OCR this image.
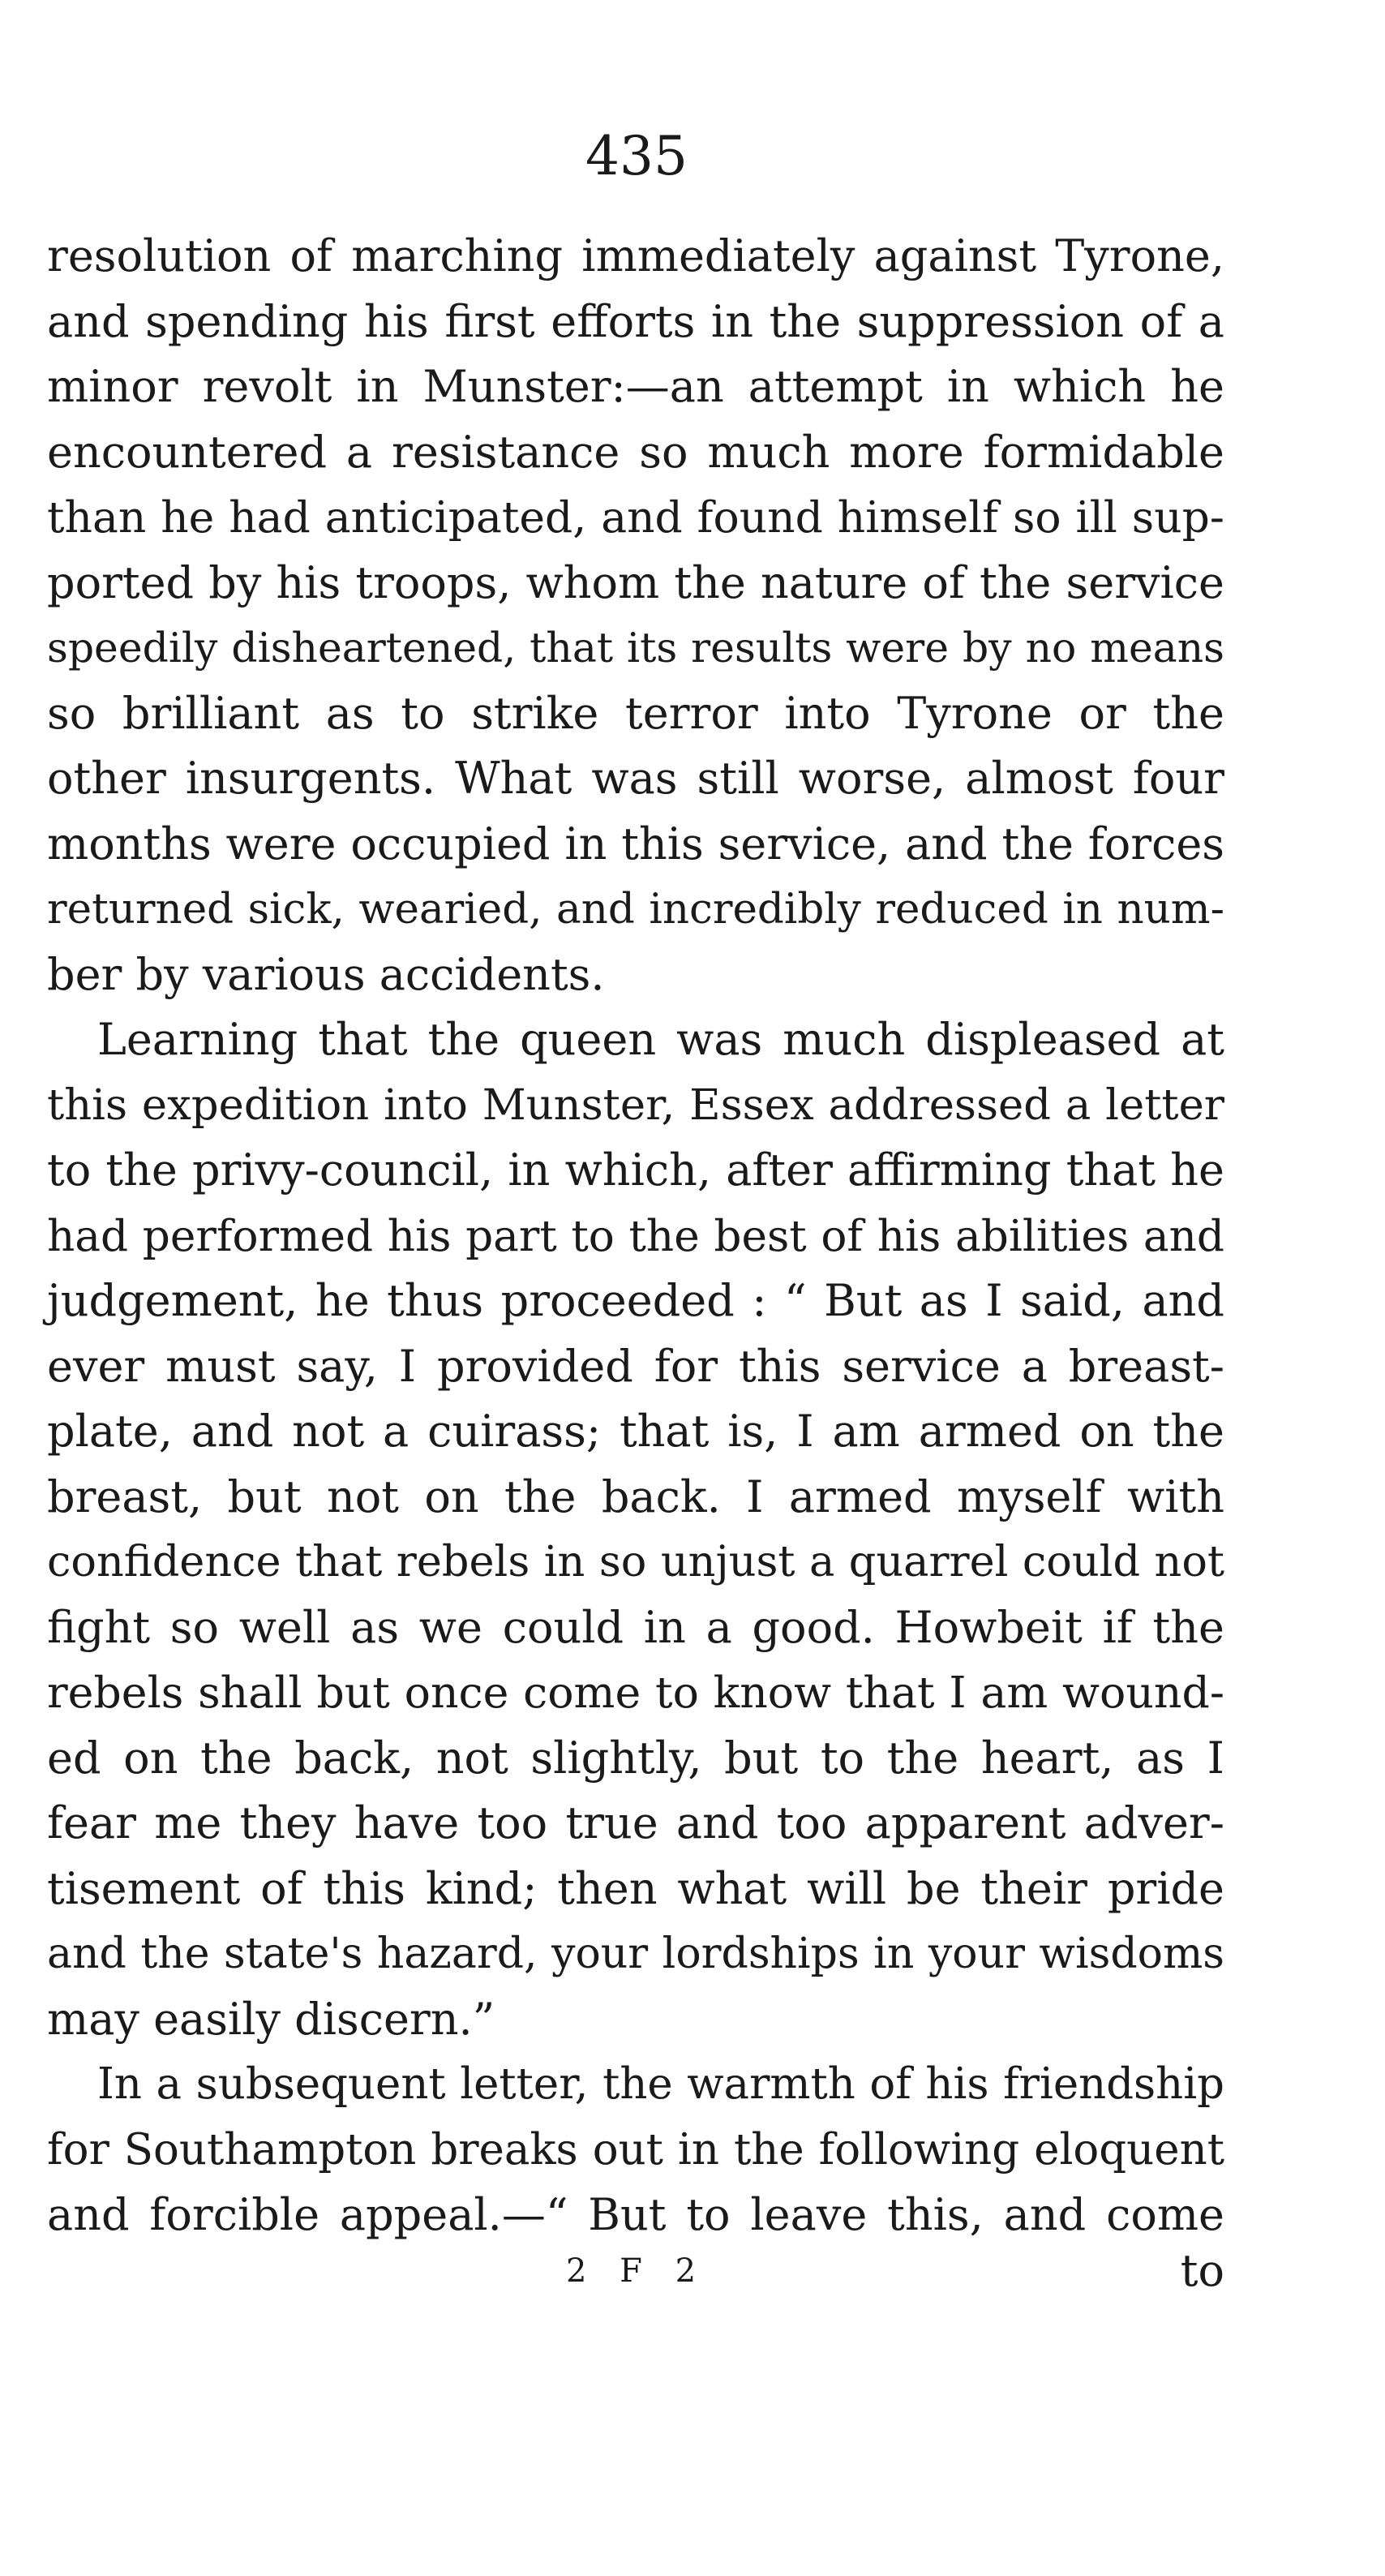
435
resolution of marching immediately against Tyrone,
and spending his first efforts in the suppression of a
minor revolt in Munster:—an attempt in which he
encountered a resistance so much more formidable
than he had anticipated, and found himself so ill sup-
ported by his troops, whom the nature of the service
speedily disheartened, that its results were by no means
so brilliant as to strike terror into Tyrone or the
other insurgents. What was still worse, almost four
months were occupied in this service, and the forces
returned sick, wearied, and incredibly reduced in num-
ber by various accidents.
Learning that the queen was much displeased at
this expedition into Munster, Essex addressed a letter
to the privy-council, in which, after affirming that he
had performed his part to the best of his abilities and
judgement, he thus proceeded : “ But as I said, and
ever must say, I provided for this service a breast-
plate, and not a cuirass; that is, I am armed on the
breast, but not on the back. I armed myself with
confidence that rebels in so unjust a quarrel could not
fight so well as we could in a good. Howbeit if the
rebels shall but once come to know that I am wound-
ed on the back, not slightly, but to the heart, as I
fear me they have too true and too apparent adver-
tisement of this kind; then what will be their pride
and the state's hazard, your lordships in your wisdoms
may easily discern.”
In a subsequent letter, the warmth of his friendship
for Southampton breaks out in the following eloquent
and forcible appeal.—“ But to leave this, and come
2 F 2	to
